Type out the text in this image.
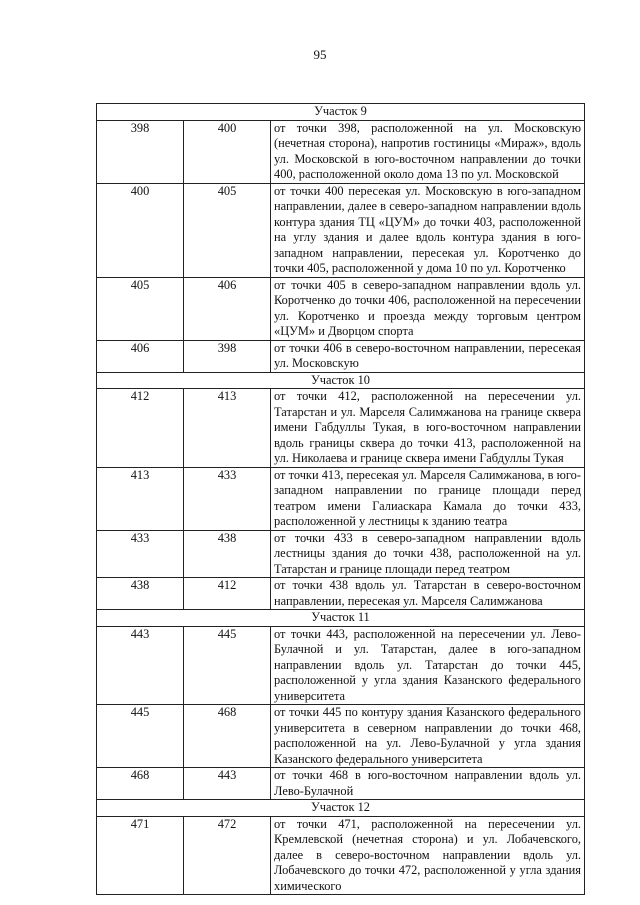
95
Участок 9		
398	400	от точки 398, расположенной на ул. Московскую (нечетная сторона), напротив гостиницы «Мираж», вдоль ул. Московской в юго-восточном направлении до точки 400, расположенной около дома 13 по ул. Московской
400	405	от точки 400 пересекая ул. Московскую в юго-западном направлении, далее в северо-западном направлении вдоль контура здания ТЦ «ЦУМ» до точки 403, расположенной на углу здания и далее вдоль контура здания в юго-западном направлении, пересекая ул. Коротченко до точки 405, расположенной у дома 10 по ул. Коротченко
405	406	от точки 405 в северо-западном направлении вдоль ул. Коротченко до точки 406, расположенной на пересечении ул. Коротченко и проезда между торговым центром «ЦУМ» и Дворцом спорта
406	398	от точки 406 в северо-восточном направлении, пересекая ул. Московскую
Участок 10		
412	413	от точки 412, расположенной на пересечении ул. Татарстан и ул. Марселя Салимжанова на границе сквера имени Габдуллы Тукая, в юго-восточном направлении вдоль границы сквера до точки 413, расположенной на ул. Николаева и границе сквера имени Габдуллы Тукая
413	433	от точки 413, пересекая ул. Марселя Салимжанова, в юго-западном направлении по границе площади перед театром имени Галиаскара Камала до точки 433, расположенной у лестницы к зданию театра
433	438	от точки 433 в северо-западном направлении вдоль лестницы здания до точки 438, расположенной на ул. Татарстан и границе площади перед театром
438	412	от точки 438 вдоль ул. Татарстан в северо-восточном направлении, пересекая ул. Марселя Салимжанова
Участок 11		
443	445	от точки 443, расположенной на пересечении ул. Лево-Булачной и ул. Татарстан, далее в юго-западном направлении вдоль ул. Татарстан до точки 445, расположенной у угла здания Казанского федерального университета
445	468	от точки 445 по контуру здания Казанского федерального университета в северном направлении до точки 468, расположенной на ул. Лево-Булачной у угла здания Казанского федерального университета
468	443	от точки 468 в юго-восточном направлении вдоль ул. Лево-Булачной
Участок 12		
471	472	от точки 471, расположенной на пересечении ул. Кремлевской (нечетная сторона) и ул. Лобачевского, далее в северо-восточном направлении вдоль ул. Лобачевского до точки 472, расположенной у угла здания химического
